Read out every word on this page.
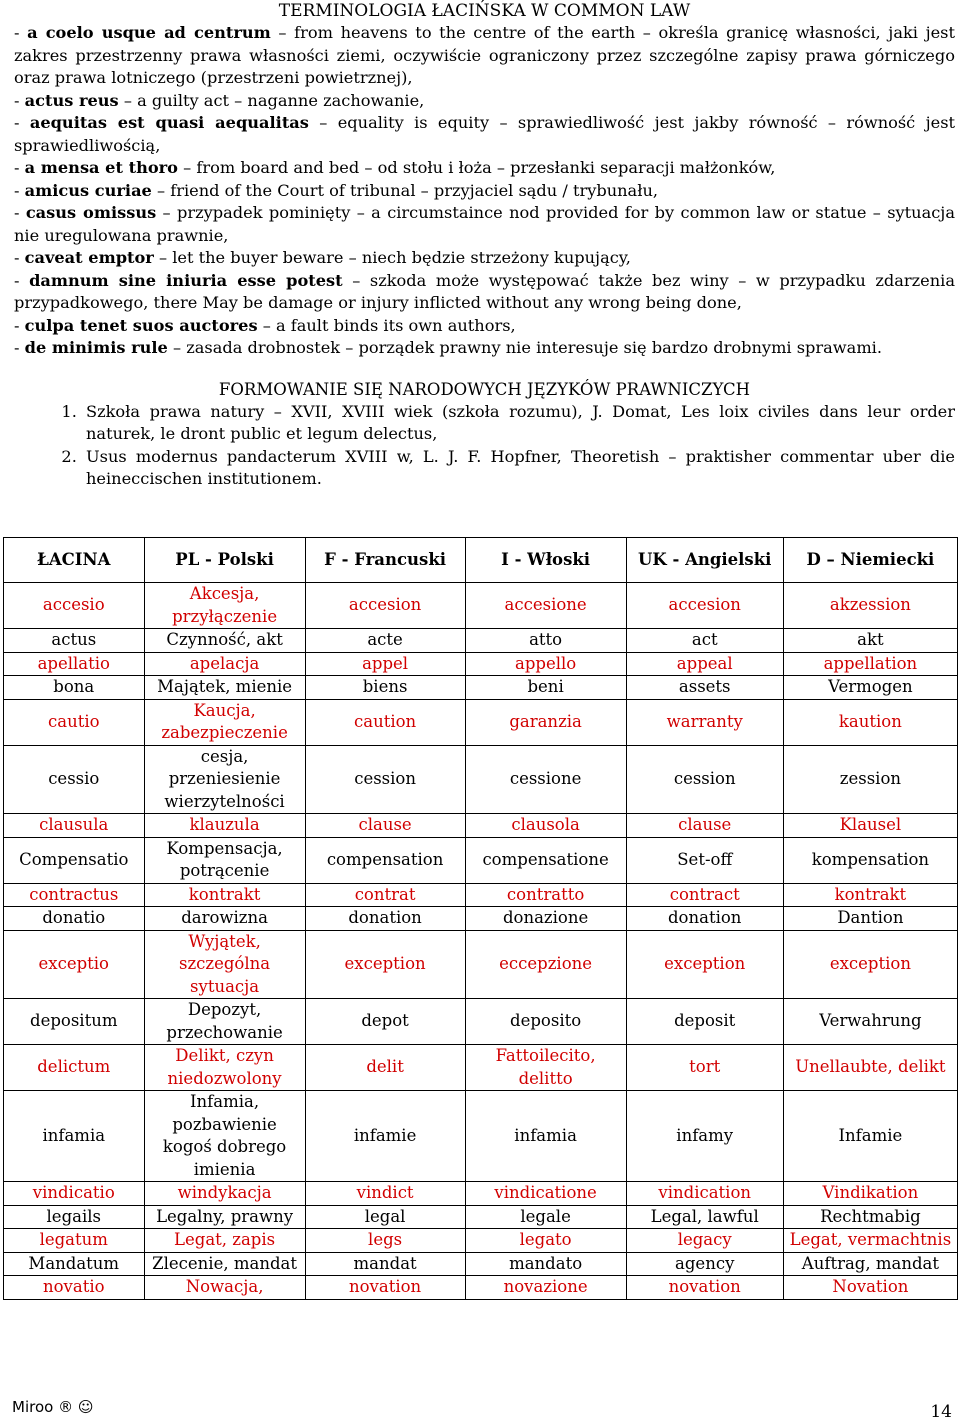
TERMINOLOGIA ŁACIŃSKA W COMMON LAW
- a coelo usque ad centrum – from heavens to the centre of the earth – określa granicę własności, jaki jest zakres przestrzenny prawa własności ziemi, oczywiście ograniczony przez szczególne zapisy prawa górniczego oraz prawa lotniczego (przestrzeni powietrznej),
- actus reus – a guilty act – naganne zachowanie,
- aequitas est quasi aequalitas – equality is equity – sprawiedliwość jest jakby równość – równość jest sprawiedliwością,
- a mensa et thoro – from board and bed – od stołu i łoża – przesłanki separacji małżonków,
- amicus curiae – friend of the Court of tribunal – przyjaciel sądu / trybunału,
- casus omissus – przypadek pominięty – a circumstaince nod provided for by common law or statue – sytuacja nie uregulowana prawnie,
- caveat emptor – let the buyer beware – niech będzie strzeżony kupujący,
- damnum sine iniuria esse potest – szkoda może występować także bez winy – w przypadku zdarzenia przypadkowego, there May be damage or injury inflicted without any wrong being done,
- culpa tenet suos auctores – a fault binds its own authors,
- de minimis rule – zasada drobnostek – porządek prawny nie interesuje się bardzo drobnymi sprawami.
FORMOWANIE SIĘ NARODOWYCH JĘZYKÓW PRAWNICZYCH
1. Szkoła prawa natury – XVII, XVIII wiek (szkoła rozumu), J. Domat, Les loix civiles dans leur order naturek, le dront public et legum delectus,
2. Usus modernus pandacterum XVIII w, L. J. F. Hopfner, Theoretish – praktisher commentar uber die heineccischen institutionem.
ŁACINA	PL - Polski	F - Francuski	I - Włoski	UK - Angielski	D – Niemiecki
accesio	Akcesja, przyłączenie	accesion	accesione	accesion	akzession
actus	Czynność, akt	acte	atto	act	akt
apellatio	apelacja	appel	appello	appeal	appellation
bona	Majątek, mienie	biens	beni	assets	Vermogen
cautio	Kaucja, zabezpieczenie	caution	garanzia	warranty	kaution
cessio	cesja, przeniesienie wierzytelności	cession	cessione	cession	zession
clausula	klauzula	clause	clausola	clause	Klausel
Compensatio	Kompensacja, potrącenie	compensation	compensatione	Set-off	kompensation
contractus	kontrakt	contrat	contratto	contract	kontrakt
donatio	darowizna	donation	donazione	donation	Dantion
exceptio	Wyjątek, szczególna sytuacja	exception	eccepzione	exception	exception
depositum	Depozyt, przechowanie	depot	deposito	deposit	Verwahrung
delictum	Delikt, czyn niedozwolony	delit	Fattoilecito, delitto	tort	Unellaubte, delikt
infamia	Infamia, pozbawienie kogoś dobrego imienia	infamie	infamia	infamy	Infamie
vindicatio	windykacja	vindict	vindicatione	vindication	Vindikation
legails	Legalny, prawny	legal	legale	Legal, lawful	Rechtmabig
legatum	Legat, zapis	legs	legato	legacy	Legat, vermachtnis
Mandatum	Zlecenie, mandat	mandat	mandato	agency	Auftrag, mandat
novatio	Nowacja,	novation	novazione	novation	Novation
Miroo ® ☺	14
